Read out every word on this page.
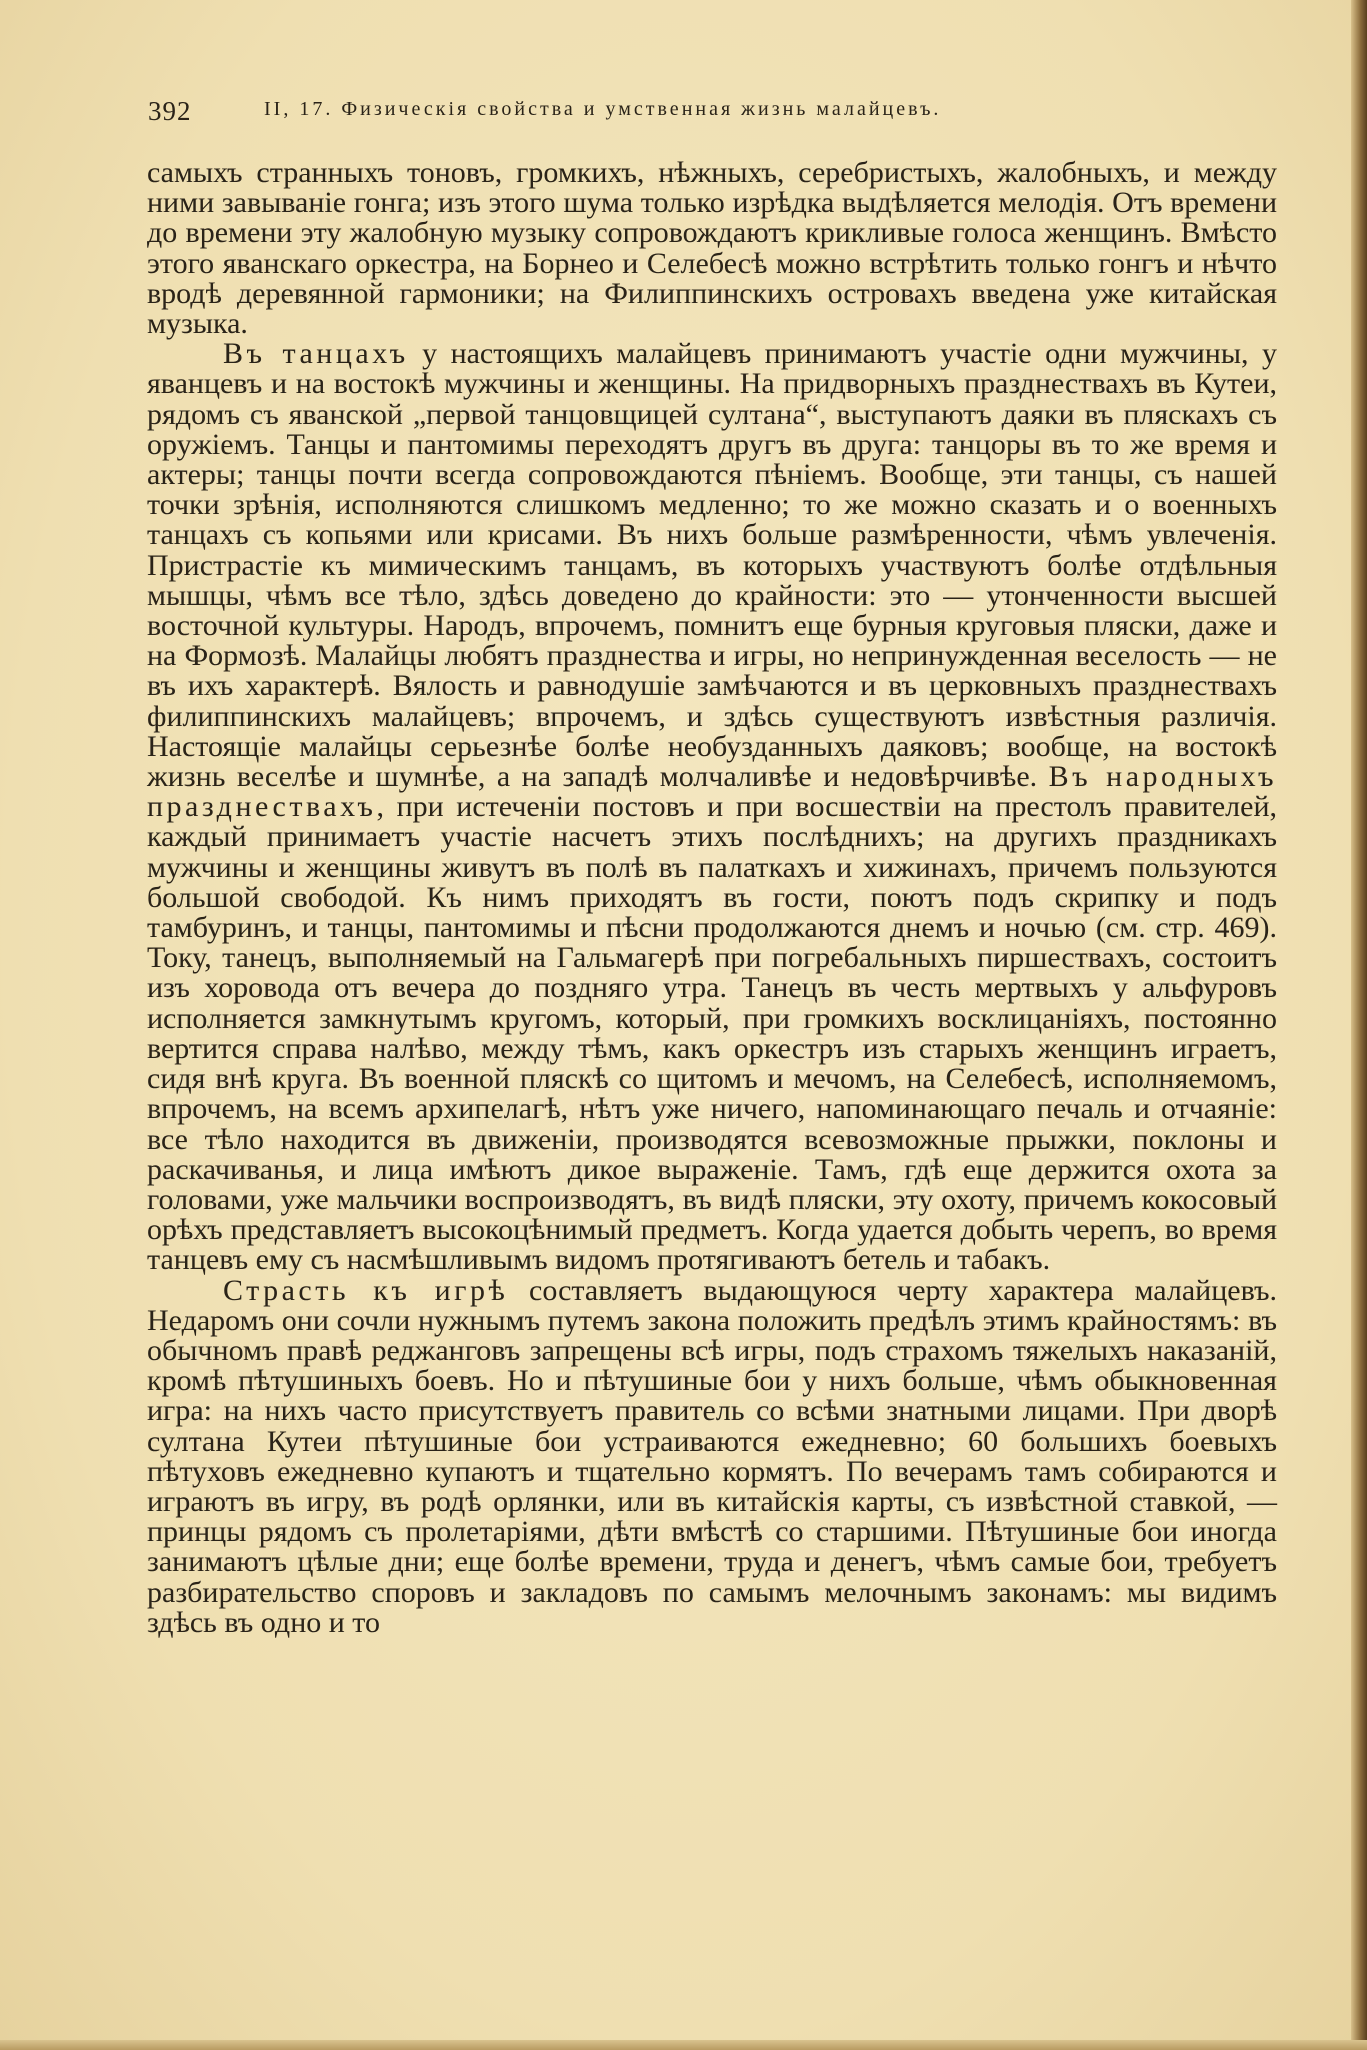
392	II, 17. Физическія свойства и умственная жизнь малайцевъ.

самыхъ странныхъ тоновъ, громкихъ, нѣжныхъ, серебристыхъ, жалобныхъ, и между ними завываніе гонга; изъ этого шума только изрѣдка выдѣляется мелодія. Отъ времени до времени эту жалобную музыку сопровождаютъ крикливые голоса женщинъ. Вмѣсто этого яванскаго оркестра, на Борнео и Селебесѣ можно встрѣтить только гонгъ и нѣчто вродѣ деревянной гармоники; на Филиппинскихъ островахъ введена уже китайская музыка.

Въ танцахъ у настоящихъ малайцевъ принимаютъ участіе одни мужчины, у яванцевъ и на востокѣ мужчины и женщины. На придворныхъ празднествахъ въ Кутеи, рядомъ съ яванской „первой танцовщицей султана“, выступаютъ даяки въ пляскахъ съ оружіемъ. Танцы и пантомимы переходятъ другъ въ друга: танцоры въ то же время и актеры; танцы почти всегда сопровождаются пѣніемъ. Вообще, эти танцы, съ нашей точки зрѣнія, исполняются слишкомъ медленно; то же можно сказать и о военныхъ танцахъ съ копьями или крисами. Въ нихъ больше размѣренности, чѣмъ увлеченія. Пристрастіе къ мимическимъ танцамъ, въ которыхъ участвуютъ болѣе отдѣльныя мышцы, чѣмъ все тѣло, здѣсь доведено до крайности: это — утонченности высшей восточной культуры. Народъ, впрочемъ, помнитъ еще бурныя круговыя пляски, даже и на Формозѣ. Малайцы любятъ празднества и игры, но непринужденная веселость — не въ ихъ характерѣ. Вялость и равнодушіе замѣчаются и въ церковныхъ празднествахъ филиппинскихъ малайцевъ; впрочемъ, и здѣсь существуютъ извѣстныя различія. Настоящіе малайцы серьезнѣе болѣе необузданныхъ даяковъ; вообще, на востокѣ жизнь веселѣе и шумнѣе, а на западѣ молчаливѣе и недовѣрчивѣе. Въ народныхъ празднествахъ, при истеченіи постовъ и при восшествіи на престолъ правителей, каждый принимаетъ участіе насчетъ этихъ послѣднихъ; на другихъ праздникахъ мужчины и женщины живутъ въ полѣ въ палаткахъ и хижинахъ, причемъ пользуются большой свободой. Къ нимъ приходятъ въ гости, поютъ подъ скрипку и подъ тамбуринъ, и танцы, пантомимы и пѣсни продолжаются днемъ и ночью (см. стр. 469). Току, танецъ, выполняемый на Гальмагерѣ при погребальныхъ пиршествахъ, состоитъ изъ хоровода отъ вечера до поздняго утра. Танецъ въ честь мертвыхъ у альфуровъ исполняется замкнутымъ кругомъ, который, при громкихъ восклицаніяхъ, постоянно вертится справа налѣво, между тѣмъ, какъ оркестръ изъ старыхъ женщинъ играетъ, сидя внѣ круга. Въ военной пляскѣ со щитомъ и мечомъ, на Селебесѣ, исполняемомъ, впрочемъ, на всемъ архипелагѣ, нѣтъ уже ничего, напоминающаго печаль и отчаяніе: все тѣло находится въ движеніи, производятся всевозможные прыжки, поклоны и раскачиванья, и лица имѣютъ дикое выраженіе. Тамъ, гдѣ еще держится охота за головами, уже мальчики воспроизводятъ, въ видѣ пляски, эту охоту, причемъ кокосовый орѣхъ представляетъ высокоцѣнимый предметъ. Когда удается добыть черепъ, во время танцевъ ему съ насмѣшливымъ видомъ протягиваютъ бетель и табакъ.

Страсть къ игрѣ составляетъ выдающуюся черту характера малайцевъ. Недаромъ они сочли нужнымъ путемъ закона положить предѣлъ этимъ крайностямъ: въ обычномъ правѣ реджанговъ запрещены всѣ игры, подъ страхомъ тяжелыхъ наказаній, кромѣ пѣтушиныхъ боевъ. Но и пѣтушиные бои у нихъ больше, чѣмъ обыкновенная игра: на нихъ часто присутствуетъ правитель со всѣми знатными лицами. При дворѣ султана Кутеи пѣтушиные бои устраиваются ежедневно; 60 большихъ боевыхъ пѣтуховъ ежедневно купаютъ и тщательно кормятъ. По вечерамъ тамъ собираются и играютъ въ игру, въ родѣ орлянки, или въ китайскія карты, съ извѣстной ставкой, — принцы рядомъ съ пролетаріями, дѣти вмѣстѣ со старшими. Пѣтушиные бои иногда занимаютъ цѣлые дни; еще болѣе времени, труда и денегъ, чѣмъ самые бои, требуетъ разбирательство споровъ и закладовъ по самымъ мелочнымъ законамъ: мы видимъ здѣсь въ одно и то
